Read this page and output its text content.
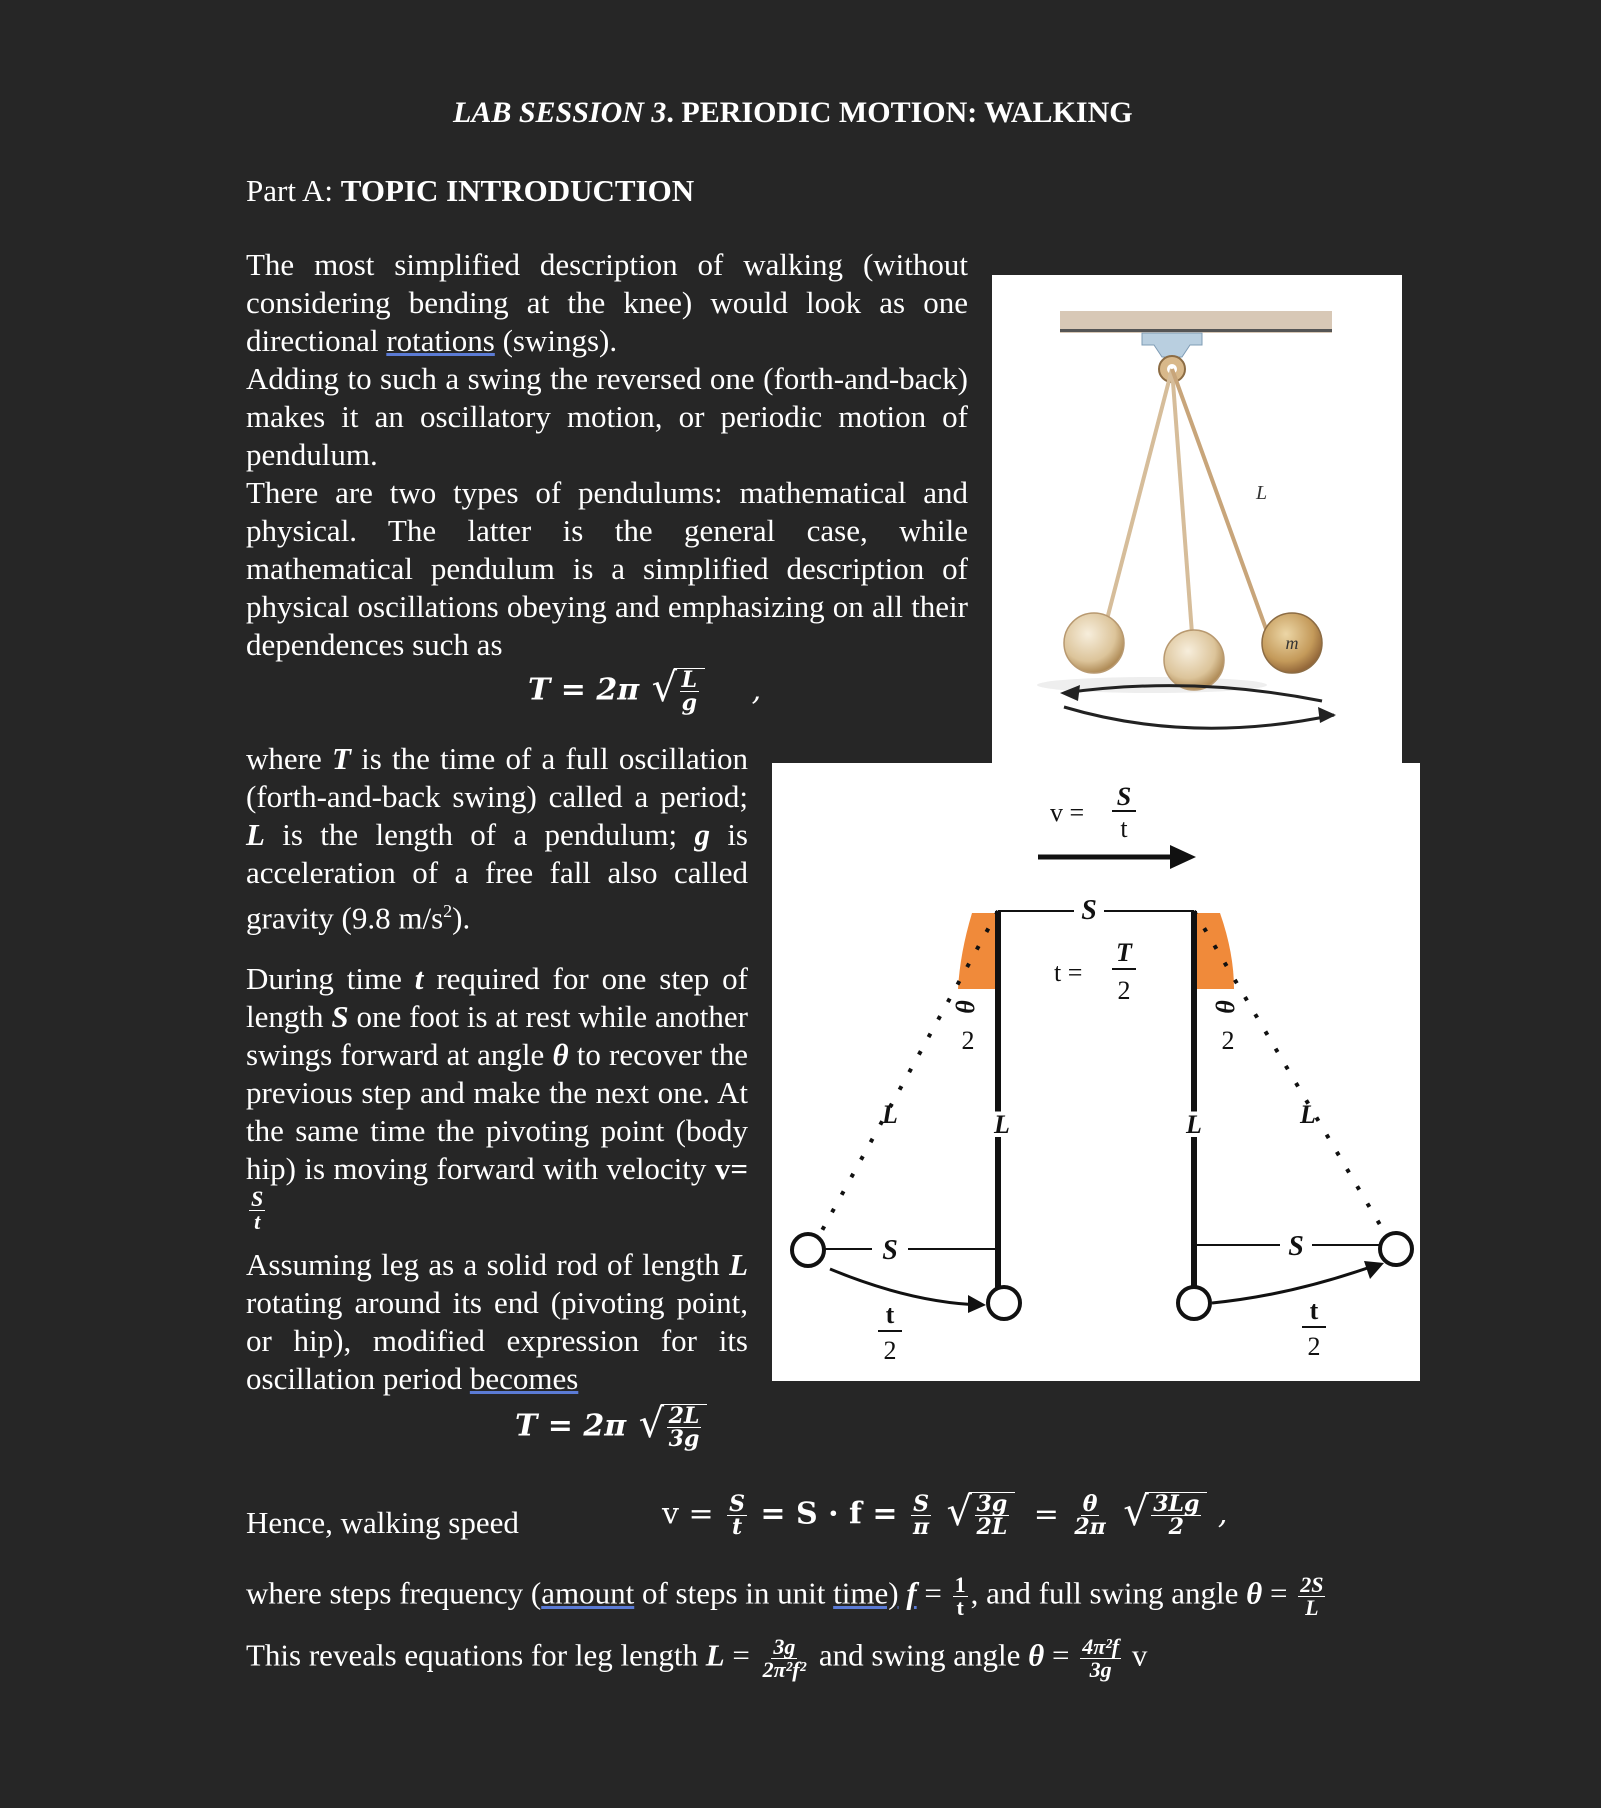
LAB SESSION 3. PERIODIC MOTION: WALKING
Part A: TOPIC INTRODUCTION
The most simplified description of walking (without considering bending at the knee) would look as one directional rotations (swings).
Adding to such a swing the reversed one (forth-and-back) makes it an oscillatory motion, or periodic motion of pendulum.
There are two types of pendulums: mathematical and physical. The latter is the general case, while mathematical pendulum is a simplified description of physical oscillations obeying and emphasizing on all their dependences such as
T = 2π √ $\frac{L}{g}$ ,
where T is the time of a full oscillation (forth-and-back swing) called a period; L is the length of a pendulum; g is acceleration of a free fall also called gravity (9.8 $m/s^2$).
During time t required for one step of length S one foot is at rest while another swings forward at angle θ to recover the previous step and make the next one. At the same time the pivoting point (body hip) is moving forward with velocity v=
$\frac{S}{t}$
Assuming leg as a solid rod of length L rotating around its end (pivoting point, or hip), modified expression for its oscillation period becomes
T = 2π √ $\frac{2L}{3g}$
Hence, walking speed	$v = \frac{S}{t} = S \cdot f = \frac{S}{\pi}$
√ $\frac{3g}{2L} = \frac{\theta}{2\pi}$
√ $\frac{3Lg}{2}$ ,
where steps frequency (amount of steps in unit time) $f = \frac{1}{t}$ , and full swing angle $\theta = \frac{2S}{L}$
This reveals equations for leg length $L = \frac{3g}{\text{2π²f²}}$ and swing angle $\theta = \frac{\text{4π²f}}{3g}$ v
m
L
v =
S
t
S
t =
T
2
S
θ
2
L	L
t
2
S
θ
2
L	L
t
2
